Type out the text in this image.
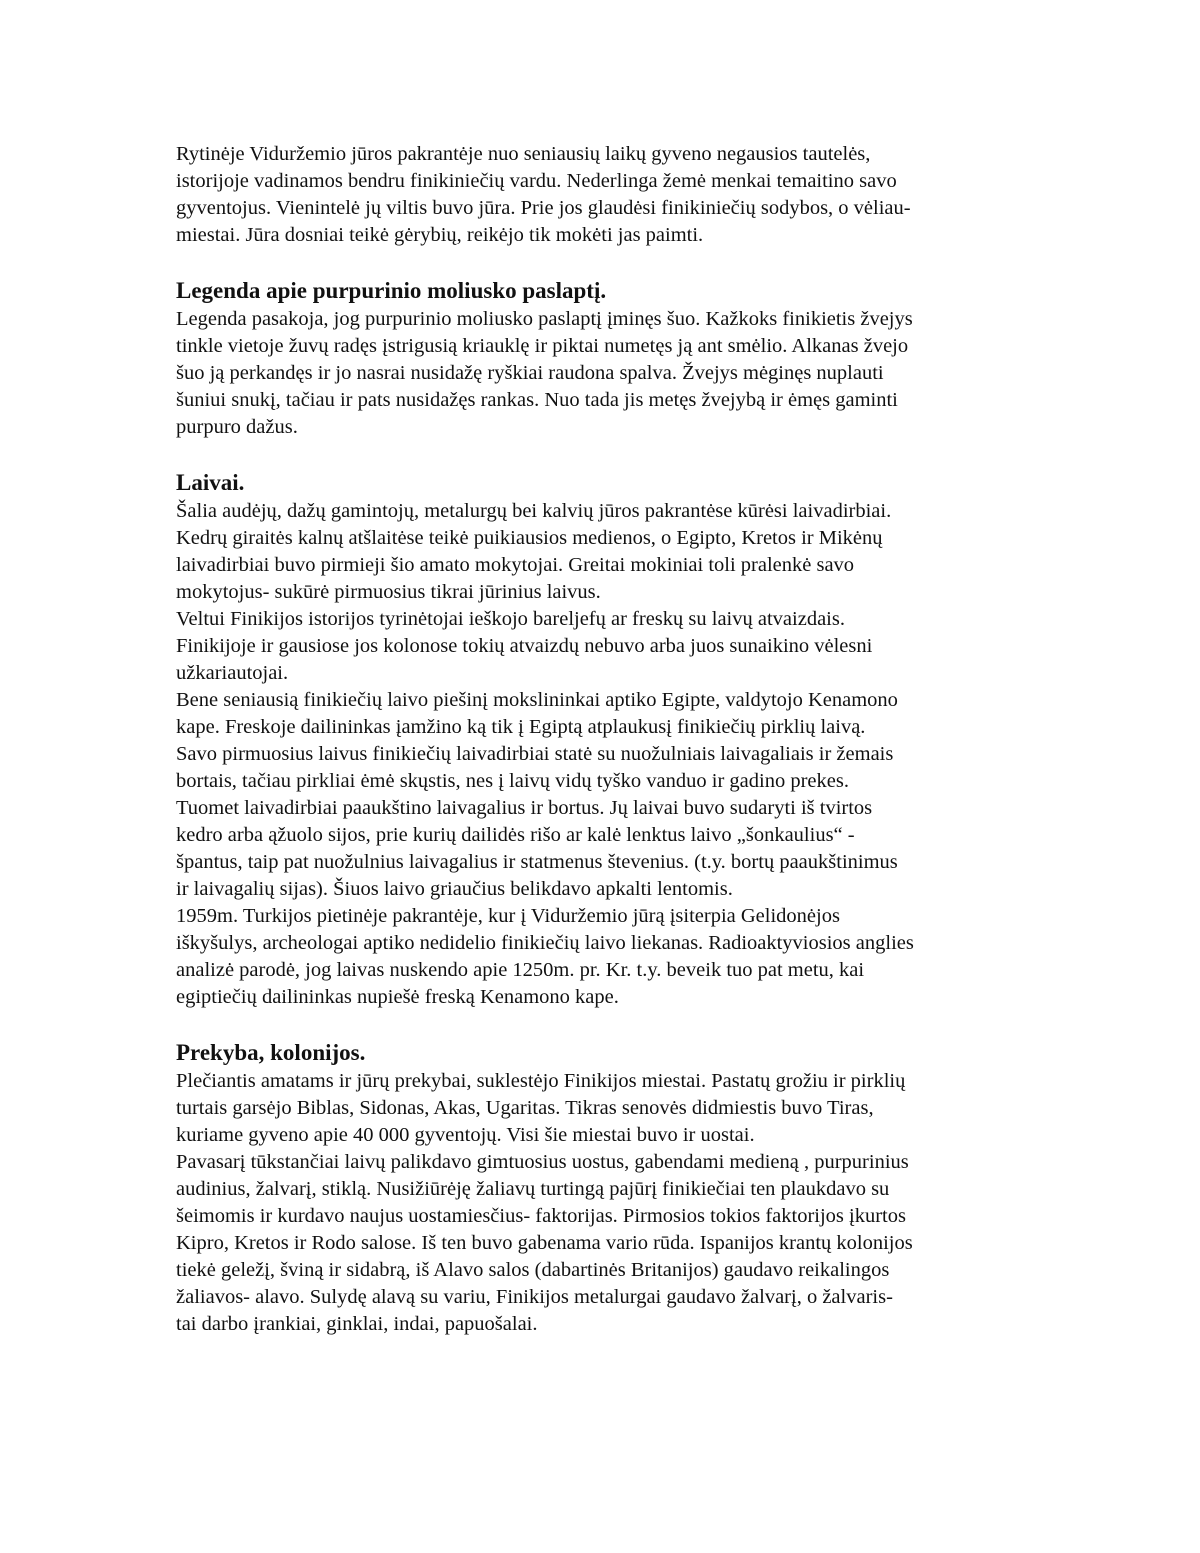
Rytinėje Viduržemio jūros pakrantėje nuo seniausių laikų gyveno negausios tautelės,
istorijoje vadinamos bendru finikiniečių vardu. Nederlinga žemė menkai temaitino savo
gyventojus. Vienintelė jų viltis buvo jūra. Prie jos glaudėsi finikiniečių sodybos, o vėliau-
miestai. Jūra dosniai teikė gėrybių, reikėjo tik mokėti jas paimti.

Legenda apie purpurinio moliusko paslaptį.

Legenda pasakoja, jog purpurinio moliusko paslaptį įminęs šuo. Kažkoks finikietis žvejys
tinkle vietoje žuvų radęs įstrigusią kriauklę ir piktai numetęs ją ant smėlio. Alkanas žvejo
šuo ją perkandęs ir jo nasrai nusidažę ryškiai raudona spalva. Žvejys mėginęs nuplauti
šuniui snukį, tačiau ir pats nusidažęs rankas. Nuo tada jis metęs žvejybą ir ėmęs gaminti
purpuro dažus.

Laivai.

Šalia audėjų, dažų gamintojų, metalurgų bei kalvių jūros pakrantėse kūrėsi laivadirbiai.
Kedrų giraitės kalnų atšlaitėse teikė puikiausios medienos, o Egipto, Kretos ir Mikėnų
laivadirbiai buvo pirmieji šio amato mokytojai. Greitai mokiniai toli pralenkė savo
mokytojus- sukūrė pirmuosius tikrai jūrinius laivus.
Veltui Finikijos istorijos tyrinėtojai ieškojo bareljefų ar freskų su laivų atvaizdais.
Finikijoje ir gausiose jos kolonose tokių atvaizdų nebuvo arba juos sunaikino vėlesni
užkariautojai.
Bene seniausią finikiečių laivo piešinį mokslininkai aptiko Egipte, valdytojo Kenamono
kape. Freskoje dailininkas įamžino ką tik į Egiptą atplaukusį finikiečių pirklių laivą.
Savo pirmuosius laivus finikiečių laivadirbiai statė su nuožulniais laivagaliais ir žemais
bortais, tačiau pirkliai ėmė skųstis, nes į laivų vidų tyško vanduo ir gadino prekes.
Tuomet laivadirbiai paaukštino laivagalius ir bortus. Jų laivai buvo sudaryti iš tvirtos
kedro arba ąžuolo sijos, prie kurių dailidės rišo ar kalė lenktus laivo „šonkaulius“ -
špantus, taip pat nuožulnius laivagalius ir statmenus števenius. (t.y. bortų paaukštinimus
ir laivagalių sijas). Šiuos laivo griaučius belikdavo apkalti lentomis.
1959m. Turkijos pietinėje pakrantėje, kur į Viduržemio jūrą įsiterpia Gelidonėjos
iškyšulys, archeologai aptiko nedidelio finikiečių laivo liekanas. Radioaktyviosios anglies
analizė parodė, jog laivas nuskendo apie 1250m. pr. Kr. t.y. beveik tuo pat metu, kai
egiptiečių dailininkas nupiešė freską Kenamono kape.

Prekyba, kolonijos.

Plečiantis amatams ir jūrų prekybai, suklestėjo Finikijos miestai. Pastatų grožiu ir pirklių
turtais garsėjo Biblas, Sidonas, Akas, Ugaritas. Tikras senovės didmiestis buvo Tiras,
kuriame gyveno apie 40 000 gyventojų. Visi šie miestai buvo ir uostai.
Pavasarį tūkstančiai laivų palikdavo gimtuosius uostus, gabendami medieną , purpurinius
audinius, žalvarį, stiklą. Nusižiūrėję žaliavų turtingą pajūrį finikiečiai ten plaukdavo su
šeimomis ir kurdavo naujus uostamiesčius- faktorijas. Pirmosios tokios faktorijos įkurtos
Kipro, Kretos ir Rodo salose. Iš ten buvo gabenama vario rūda. Ispanijos krantų kolonijos
tiekė geležį, šviną ir sidabrą, iš Alavo salos (dabartinės Britanijos) gaudavo reikalingos
žaliavos- alavo. Sulydę alavą su variu, Finikijos metalurgai gaudavo žalvarį, o žalvaris-
tai darbo įrankiai, ginklai, indai, papuošalai.
